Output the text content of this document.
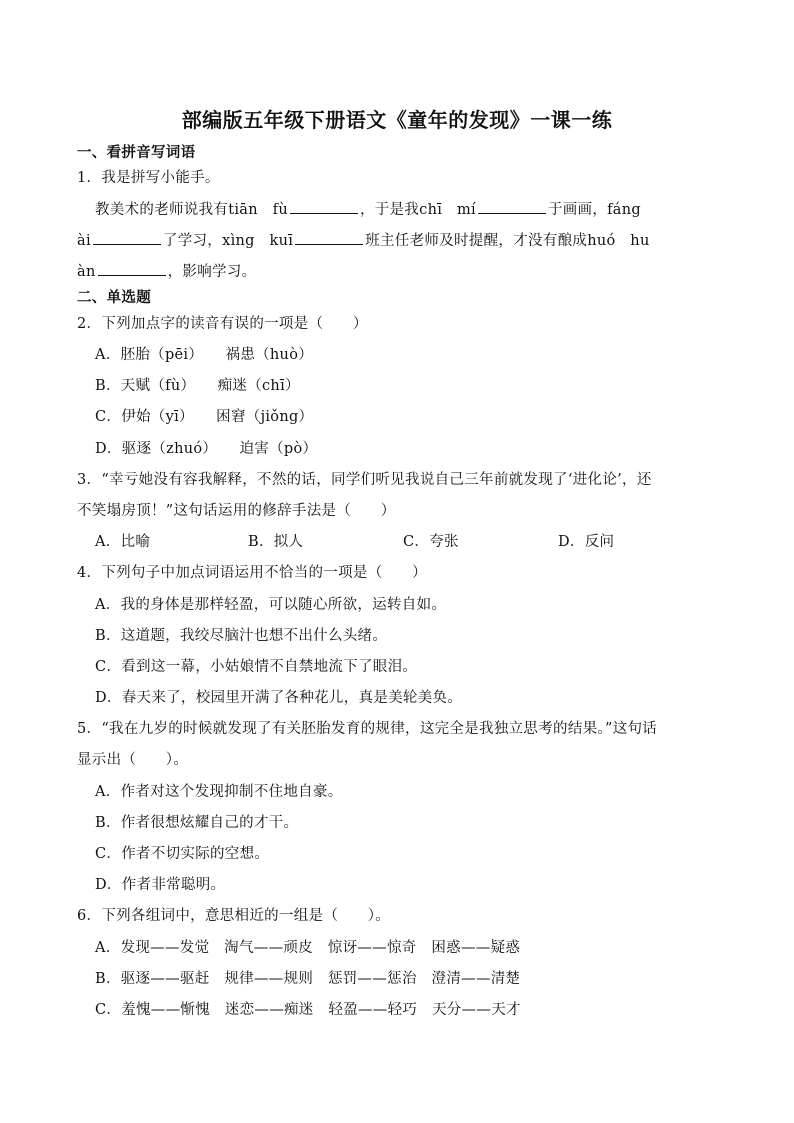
部编版五年级下册语文《童年的发现》一课一练
一、看拼音写词语
1．我是拼写小能手。
教美术的老师说我有tiān　fù	，于是我chī　mí	于画画，fáng
ài	了学习，xìng　kuī	班主任老师及时提醒，才没有酿成huó　hu
àn	，影响学习。
二、单选题
2．下列加点字的读音有误的一项是（　　）
A．胚胎（pēi）　　祸患（huò）
B．天赋（fù）　　痴迷（chī）
C．伊始（yī）　　困窘（jiǒng）
D．驱逐（zhuó）　　迫害（pò）
3．“幸亏她没有容我解释，不然的话，同学们听见我说自己三年前就发现了‘进化论’，还
不笑塌房顶！”这句话运用的修辞手法是（　　）
A．比喻	B．拟人	C．夸张	D．反问
4．下列句子中加点词语运用不恰当的一项是（　　）
A．我的身体是那样轻盈，可以随心所欲，运转自如。
B．这道题，我绞尽脑汁也想不出什么头绪。
C．看到这一幕，小姑娘情不自禁地流下了眼泪。
D．春天来了，校园里开满了各种花儿，真是美轮美奂。
5．“我在九岁的时候就发现了有关胚胎发育的规律，这完全是我独立思考的结果。”这句话
显示出（　　）。
A．作者对这个发现抑制不住地自豪。
B．作者很想炫耀自己的才干。
C．作者不切实际的空想。
D．作者非常聪明。
6．下列各组词中，意思相近的一组是（　　）。
A．发现——发觉　淘气——顽皮　惊讶——惊奇　困惑——疑惑
B．驱逐——驱赶　规律——规则　惩罚——惩治　澄清——清楚
C．羞愧——惭愧　迷恋——痴迷　轻盈——轻巧　天分——天才
